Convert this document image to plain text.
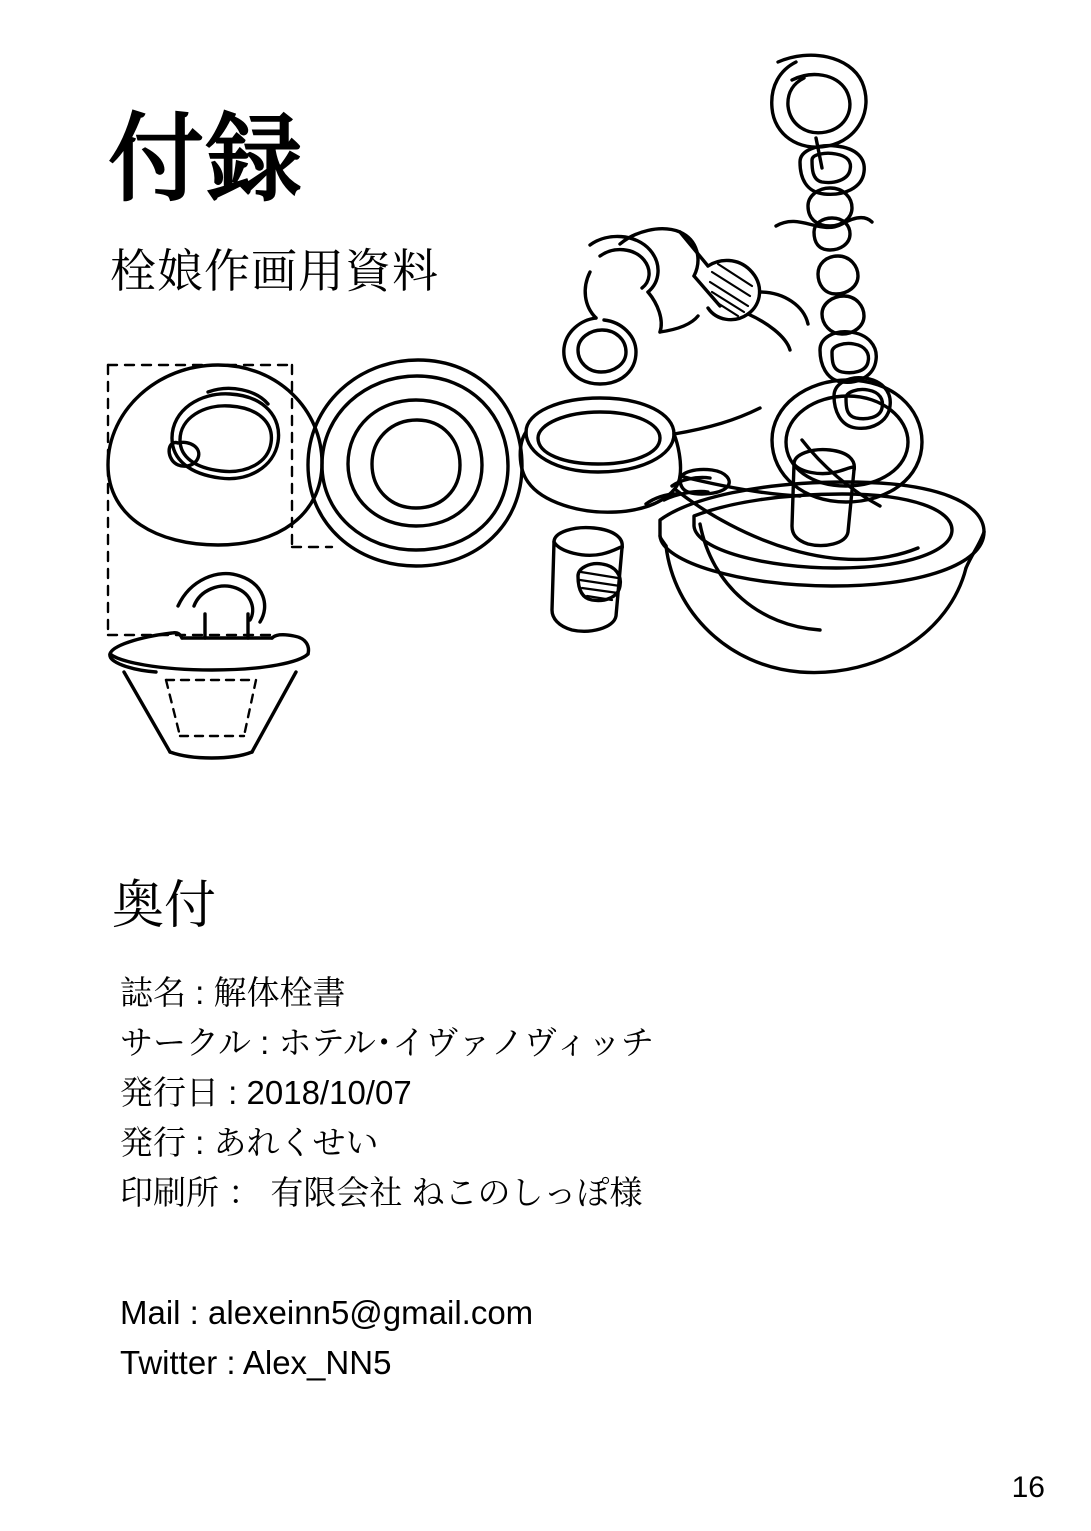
付録
栓娘作画用資料
奥付
誌名 : 解体栓書
サークル : ホテル･イヴァノヴィッチ
発行日 : 2018/10/07
発行 : あれくせい
印刷所 ： 有限会社 ねこのしっぽ様
Mail : alexeinn5@gmail.com
Twitter : Alex_NN5
16
